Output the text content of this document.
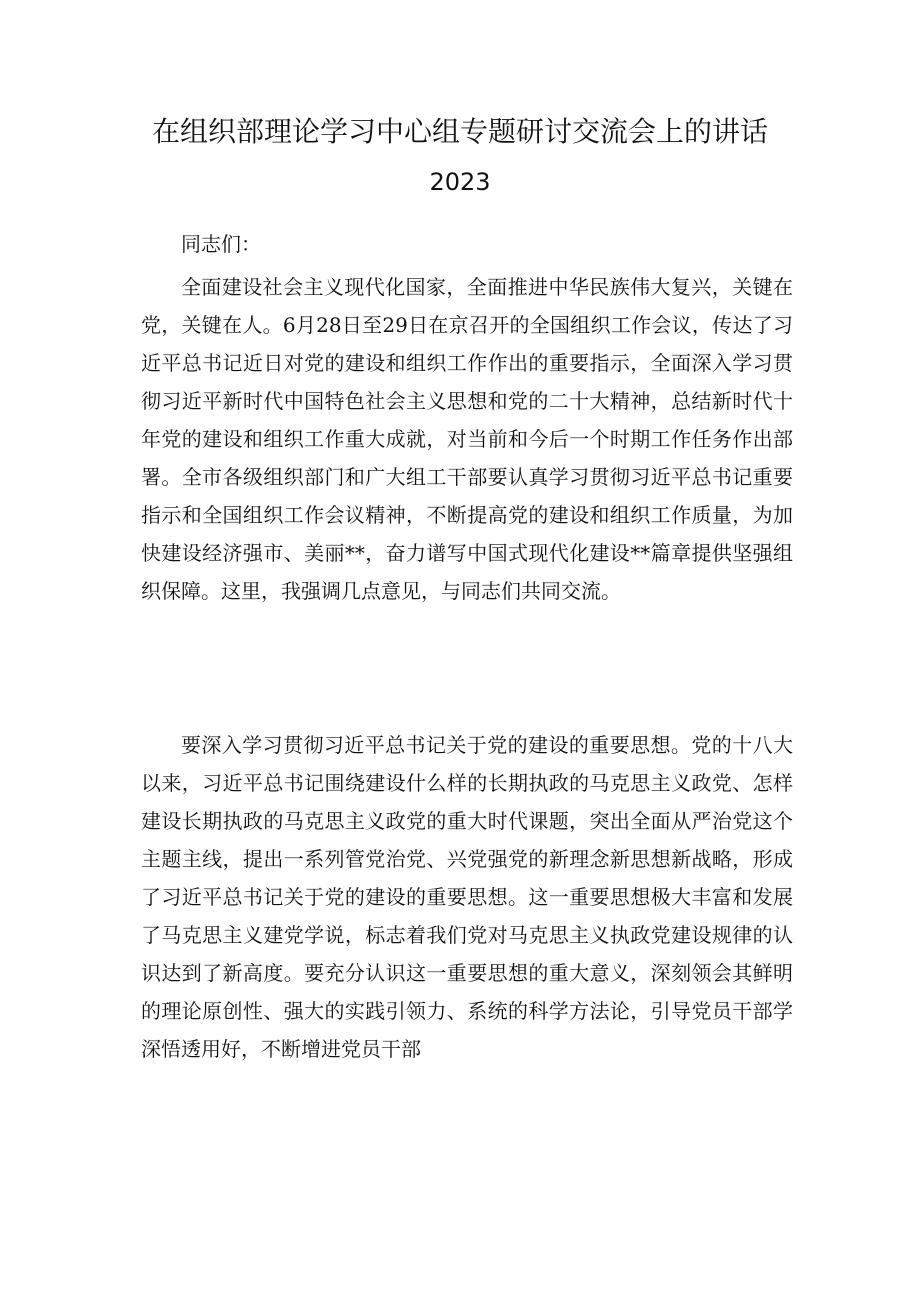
在组织部理论学习中心组专题研讨交流会上的讲话
2023
同志们：
全面建设社会主义现代化国家，全面推进中华民族伟大复兴，关键在党，关键在人。6月28日至29日在京召开的全国组织工作会议，传达了习近平总书记近日对党的建设和组织工作作出的重要指示，全面深入学习贯彻习近平新时代中国特色社会主义思想和党的二十大精神，总结新时代十年党的建设和组织工作重大成就，对当前和今后一个时期工作任务作出部署。全市各级组织部门和广大组工干部要认真学习贯彻习近平总书记重要指示和全国组织工作会议精神，不断提高党的建设和组织工作质量，为加快建设经济强市、美丽**，奋力谱写中国式现代化建设**篇章提供坚强组织保障。这里，我强调几点意见，与同志们共同交流。
要深入学习贯彻习近平总书记关于党的建设的重要思想。党的十八大以来，习近平总书记围绕建设什么样的长期执政的马克思主义政党、怎样建设长期执政的马克思主义政党的重大时代课题，突出全面从严治党这个主题主线，提出一系列管党治党、兴党强党的新理念新思想新战略，形成了习近平总书记关于党的建设的重要思想。这一重要思想极大丰富和发展了马克思主义建党学说，标志着我们党对马克思主义执政党建设规律的认识达到了新高度。要充分认识这一重要思想的重大意义，深刻领会其鲜明的理论原创性、强大的实践引领力、系统的科学方法论，引导党员干部学深悟透用好，不断增进党员干部
